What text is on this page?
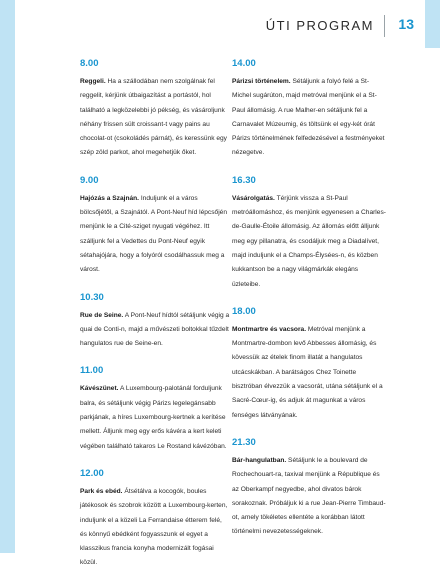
ÚTI PROGRAM 13
8.00
Reggeli. Ha a szállodában nem szolgálnak fel reggelit, kérjünk útbaigazítást a portástól, hol található a legközelebbi jó pékség, és vásároljunk néhány frissen sült croissant-t vagy pains au chocolat-ot (csokoládés párnát), és keressünk egy szép zöld parkot, ahol megehetjük őket.
9.00
Hajózás a Szajnán. Induljunk el a város bölcsőjétől, a Szajnától. A Pont-Neuf híd lépcsőjén menjünk le a Cité-sziget nyugati végéhez. Itt szálljunk fel a Vedettes du Pont-Neuf egyik sétahajójára, hogy a folyóról csodálhassuk meg a várost.
10.30
Rue de Seine. A Pont-Neuf hídtól sétáljunk végig a quai de Conti-n, majd a művészeti boltokkal tűzdelt hangulatos rue de Seine-en.
11.00
Kávészünet. A Luxembourg-palotánál forduljunk balra, és sétáljunk végig Párizs legelegánsabb parkjának, a híres Luxembourg-kertnek a kerítése mellett. Álljunk meg egy erős kávéra a kert keleti végében található takaros Le Rostand kávézóban.
12.00
Park és ebéd. Átsétálva a kocogók, boules játékosok és szobrok között a Luxembourg-kerten, induljunk el a közeli La Ferrandaise étterem felé, és könnyű ebédként fogyasszunk el egyet a klasszikus francia konyha modernizált fogásai közül.
14.00
Párizsi történelem. Sétáljunk a folyó felé a St-Michel sugárúton, majd metróval menjünk el a St-Paul állomásig. A rue Malher-en sétáljunk fel a Carnavalet Múzeumig, és töltsünk el egy-két órát Párizs történelmének felfedezésével a festményeket nézegetve.
16.30
Vásárolgatás. Térjünk vissza a St-Paul metróállomáshoz, és menjünk egyenesen a Charles-de-Gaulle-Étoile állomásig. Az állomás előtt álljunk meg egy pillanatra, és csodáljuk meg a Diadalívet, majd induljunk el a Champs-Élysées-n, és közben kukkantson be a nagy világmárkák elegáns üzleteibe.
18.00
Montmartre és vacsora. Metróval menjünk a Montmartre-dombon levő Abbesses állomásig, és kövessük az ételek finom illatát a hangulatos utcácskákban. A barátságos Chez Toinette bisztróban élvezzük a vacsorát, utána sétáljunk el a Sacré-Cœur-ig, és adjuk át magunkat a város fenséges látványának.
21.30
Bár-hangulatban. Sétáljunk le a boulevard de Rochechouart-ra, taxival menjünk a République és az Oberkampf negyedbe, ahol divatos bárok sorakoznak. Próbáljuk ki a rue Jean-Pierre Timbaud-ot, amely tökéletes ellentéte a korábban látott történelmi nevezetességeknek.
